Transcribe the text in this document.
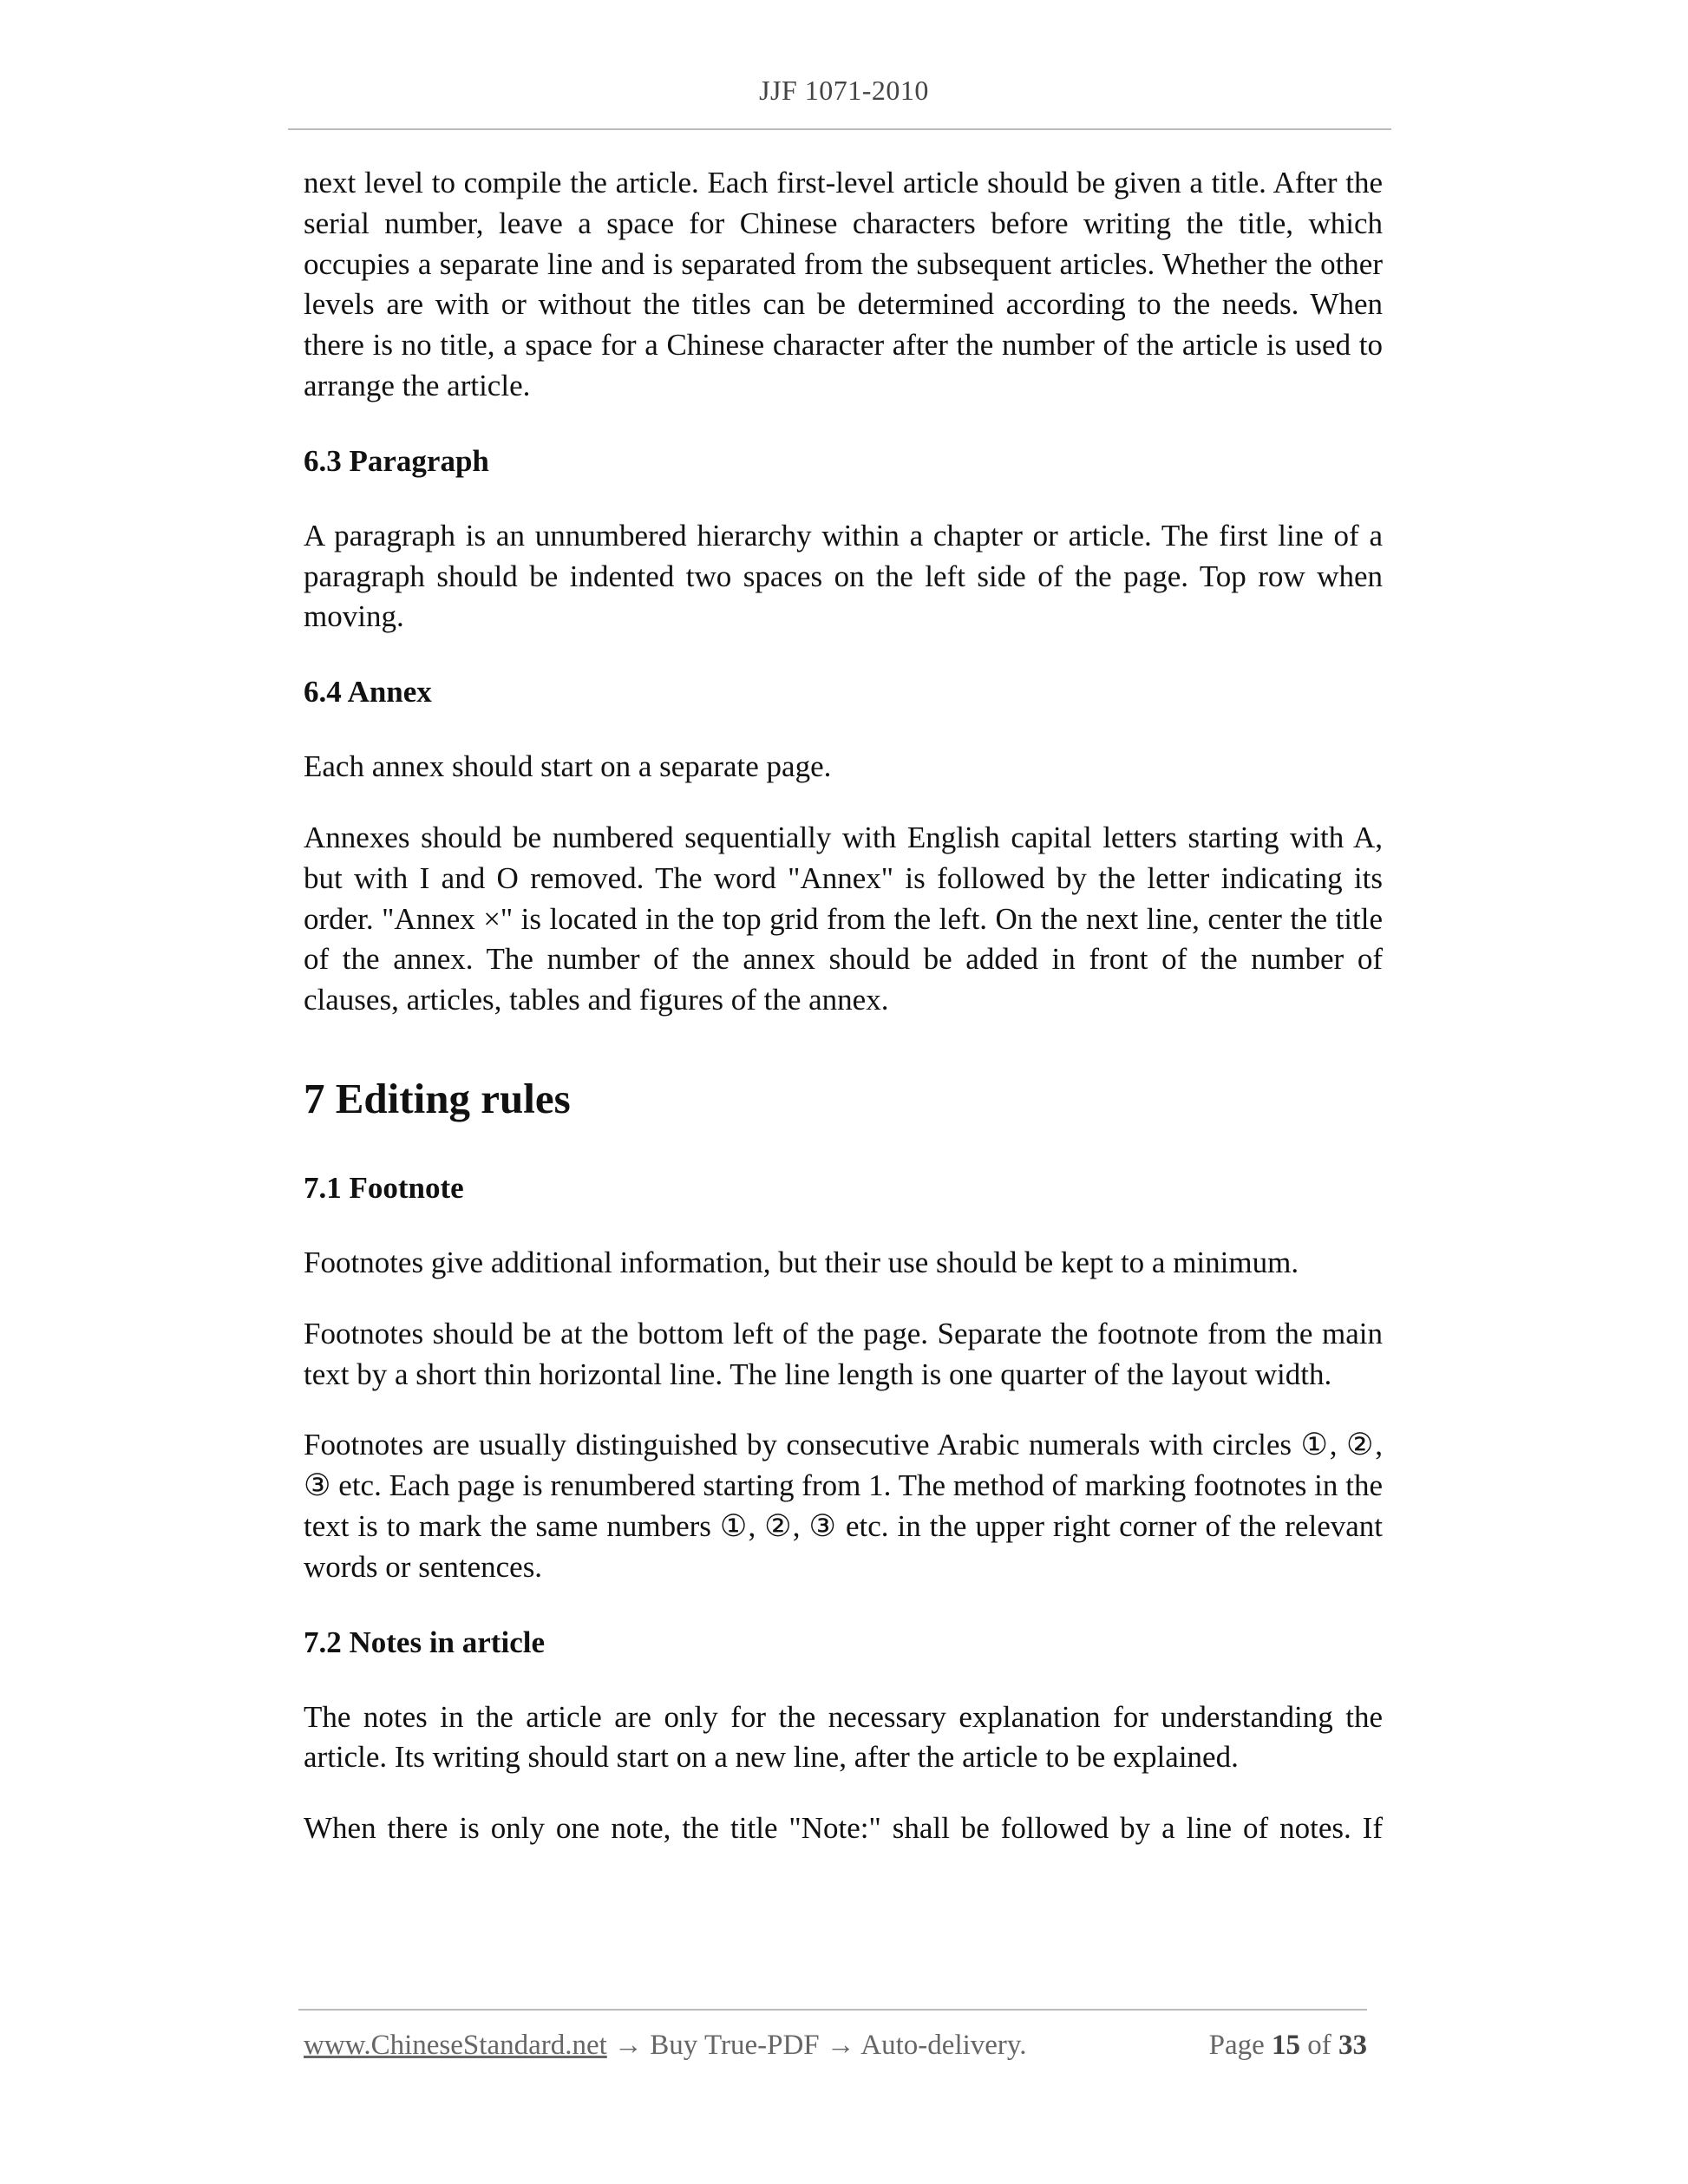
JJF 1071-2010

next level to compile the article. Each first-level article should be given a title. After the serial number, leave a space for Chinese characters before writing the title, which occupies a separate line and is separated from the subsequent articles. Whether the other levels are with or without the titles can be determined according to the needs. When there is no title, a space for a Chinese character after the number of the article is used to arrange the article.

6.3 Paragraph

A paragraph is an unnumbered hierarchy within a chapter or article. The first line of a paragraph should be indented two spaces on the left side of the page. Top row when moving.

6.4 Annex

Each annex should start on a separate page.

Annexes should be numbered sequentially with English capital letters starting with A, but with I and O removed. The word "Annex" is followed by the letter indicating its order. "Annex ×" is located in the top grid from the left. On the next line, center the title of the annex. The number of the annex should be added in front of the number of clauses, articles, tables and figures of the annex.

7 Editing rules
7.1 Footnote

Footnotes give additional information, but their use should be kept to a minimum.

Footnotes should be at the bottom left of the page. Separate the footnote from the main text by a short thin horizontal line. The line length is one quarter of the layout width.

Footnotes are usually distinguished by consecutive Arabic numerals with circles ①, ②, ③ etc. Each page is renumbered starting from 1. The method of marking footnotes in the text is to mark the same numbers ①, ②, ③ etc. in the upper right corner of the relevant words or sentences.

7.2 Notes in article

The notes in the article are only for the necessary explanation for understanding the article. Its writing should start on a new line, after the article to be explained.

When there is only one note, the title "Note:" shall be followed by a line of notes. If

www.ChineseStandard.net → Buy True-PDF → Auto-delivery.	Page 15 of 33
